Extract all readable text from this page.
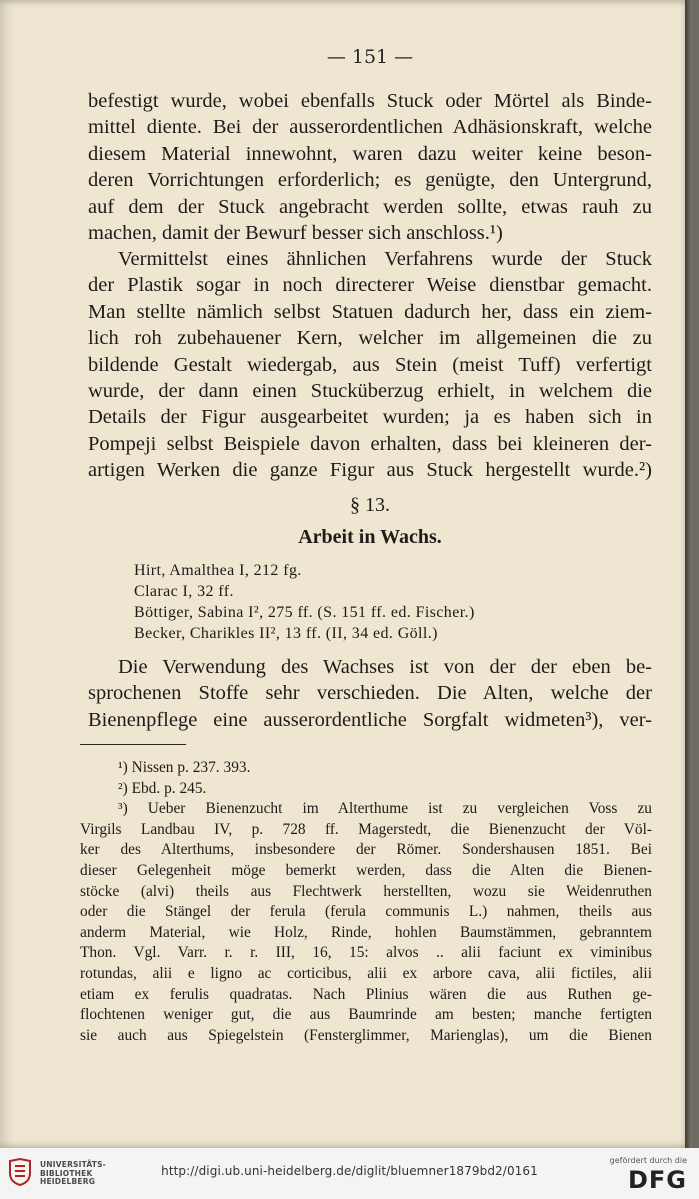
— 151 —
befestigt wurde, wobei ebenfalls Stuck oder Mörtel als Binde-
mittel diente. Bei der ausserordentlichen Adhäsionskraft, welche
diesem Material innewohnt, waren dazu weiter keine beson-
deren Vorrichtungen erforderlich; es genügte, den Untergrund,
auf dem der Stuck angebracht werden sollte, etwas rauh zu
machen, damit der Bewurf besser sich anschloss.¹)
Vermittelst eines ähnlichen Verfahrens wurde der Stuck
der Plastik sogar in noch directerer Weise dienstbar gemacht.
Man stellte nämlich selbst Statuen dadurch her, dass ein ziem-
lich roh zubehauener Kern, welcher im allgemeinen die zu
bildende Gestalt wiedergab, aus Stein (meist Tuff) verfertigt
wurde, der dann einen Stucküberzug erhielt, in welchem die
Details der Figur ausgearbeitet wurden; ja es haben sich in
Pompeji selbst Beispiele davon erhalten, dass bei kleineren der-
artigen Werken die ganze Figur aus Stuck hergestellt wurde.²)
§ 13.
Arbeit in Wachs.
Hirt, Amalthea I, 212 fg.
Clarac I, 32 ff.
Böttiger, Sabina I², 275 ff. (S. 151 ff. ed. Fischer.)
Becker, Charikles II², 13 ff. (II, 34 ed. Göll.)
Die Verwendung des Wachses ist von der der eben be-
sprochenen Stoffe sehr verschieden. Die Alten, welche der
Bienenpflege eine ausserordentliche Sorgfalt widmeten³), ver-
¹) Nissen p. 237. 393.
²) Ebd. p. 245.
³) Ueber Bienenzucht im Alterthume ist zu vergleichen Voss zu
Virgils Landbau IV, p. 728 ff. Magerstedt, die Bienenzucht der Völ-
ker des Alterthums, insbesondere der Römer. Sondershausen 1851. Bei
dieser Gelegenheit möge bemerkt werden, dass die Alten die Bienen-
stöcke (alvi) theils aus Flechtwerk herstellten, wozu sie Weidenruthen
oder die Stängel der ferula (ferula communis L.) nahmen, theils aus
anderm Material, wie Holz, Rinde, hohlen Baumstämmen, gebranntem
Thon. Vgl. Varr. r. r. III, 16, 15: alvos .. alii faciunt ex viminibus
rotundas, alii e ligno ac corticibus, alii ex arbore cava, alii fictiles, alii
etiam ex ferulis quadratas. Nach Plinius wären die aus Ruthen ge-
flochtenen weniger gut, die aus Baumrinde am besten; manche fertigten
sie auch aus Spiegelstein (Fensterglimmer, Marienglas), um die Bienen
UNIVERSITÄTS-
BIBLIOTHEK
HEIDELBERG
http://digi.ub.uni-heidelberg.de/diglit/bluemner1879bd2/0161
gefördert durch die
DFG
